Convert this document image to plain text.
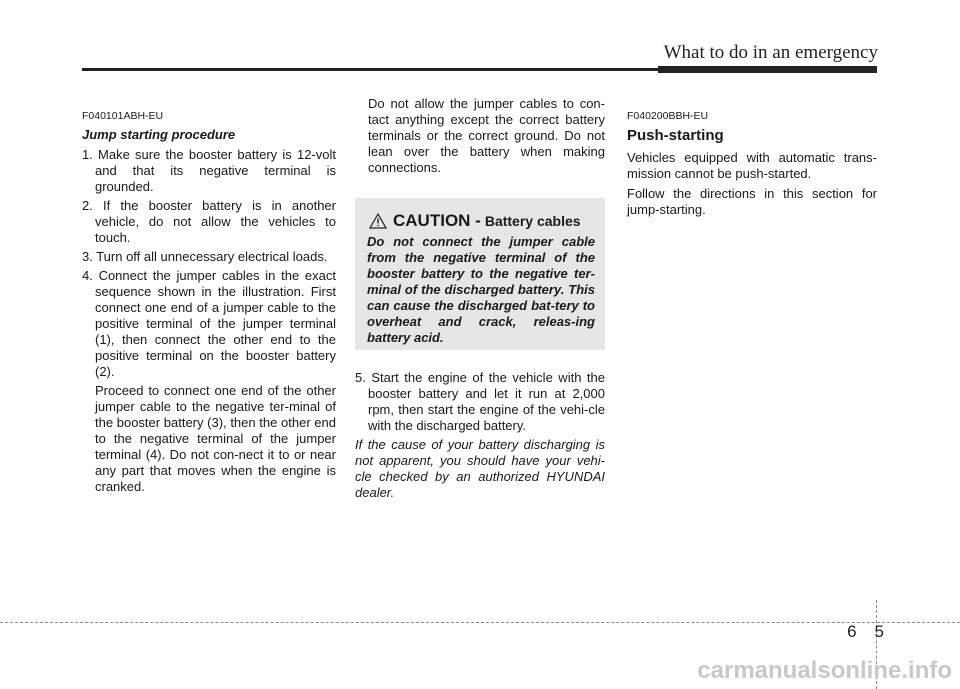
What to do in an emergency
F040101ABH-EU
Jump starting procedure
1. Make sure the booster battery is 12-volt and that its negative terminal is grounded.
2. If the booster battery is in another vehicle, do not allow the vehicles to touch.
3. Turn off all unnecessary electrical loads.
4. Connect the jumper cables in the exact sequence shown in the illustration. First connect one end of a jumper cable to the positive terminal of the jumper terminal (1), then connect the other end to the positive terminal on the booster battery (2).

Proceed to connect one end of the other jumper cable to the negative ter-minal of the booster battery (3), then the other end to the negative terminal of the jumper terminal (4). Do not con-nect it to or near any part that moves when the engine is cranked.

Do not allow the jumper cables to con-tact anything except the correct battery terminals or the correct ground. Do not lean over the battery when making connections.

CAUTION - Battery cables
Do not connect the jumper cable from the negative terminal of the booster battery to the negative ter-minal of the discharged battery. This can cause the discharged bat-tery to overheat and crack, releas-ing battery acid.
5. Start the engine of the vehicle with the booster battery and let it run at 2,000 rpm, then start the engine of the vehi-cle with the discharged battery.

If the cause of your battery discharging is not apparent, you should have your vehi-cle checked by an authorized HYUNDAI dealer.

F040200BBH-EU
Push-starting

Vehicles equipped with automatic trans-mission cannot be push-started.

Follow the directions in this section for jump-starting.

65
carmanualsonline.info
